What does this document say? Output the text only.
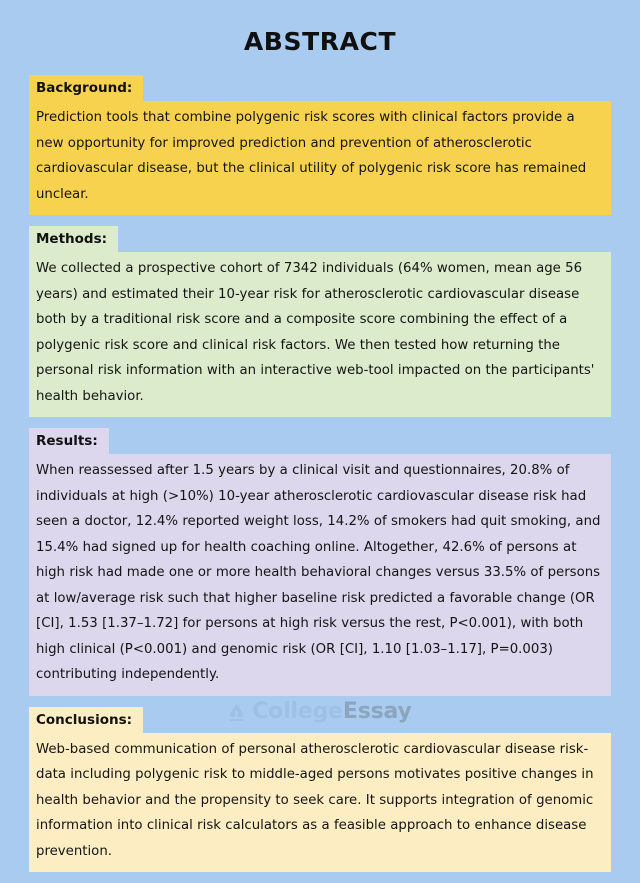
ABSTRACT
Background:
Prediction tools that combine polygenic risk scores with clinical factors provide a new opportunity for improved prediction and prevention of atherosclerotic cardiovascular disease, but the clinical utility of polygenic risk score has remained unclear.
Methods:
We collected a prospective cohort of 7342 individuals (64% women, mean age 56 years) and estimated their 10-year risk for atherosclerotic cardiovascular disease both by a traditional risk score and a composite score combining the effect of a polygenic risk score and clinical risk factors. We then tested how returning the personal risk information with an interactive web-tool impacted on the participants' health behavior.
Results:
When reassessed after 1.5 years by a clinical visit and questionnaires, 20.8% of individuals at high (>10%) 10-year atherosclerotic cardiovascular disease risk had seen a doctor, 12.4% reported weight loss, 14.2% of smokers had quit smoking, and 15.4% had signed up for health coaching online. Altogether, 42.6% of persons at high risk had made one or more health behavioral changes versus 33.5% of persons at low/average risk such that higher baseline risk predicted a favorable change (OR [CI], 1.53 [1.37–1.72] for persons at high risk versus the rest, P<0.001), with both high clinical (P<0.001) and genomic risk (OR [CI], 1.10 [1.03–1.17], P=0.003) contributing independently.
Conclusions:
Web-based communication of personal atherosclerotic cardiovascular disease risk-data including polygenic risk to middle-aged persons motivates positive changes in health behavior and the propensity to seek care. It supports integration of genomic information into clinical risk calculators as a feasible approach to enhance disease prevention.
CollegeEssay
